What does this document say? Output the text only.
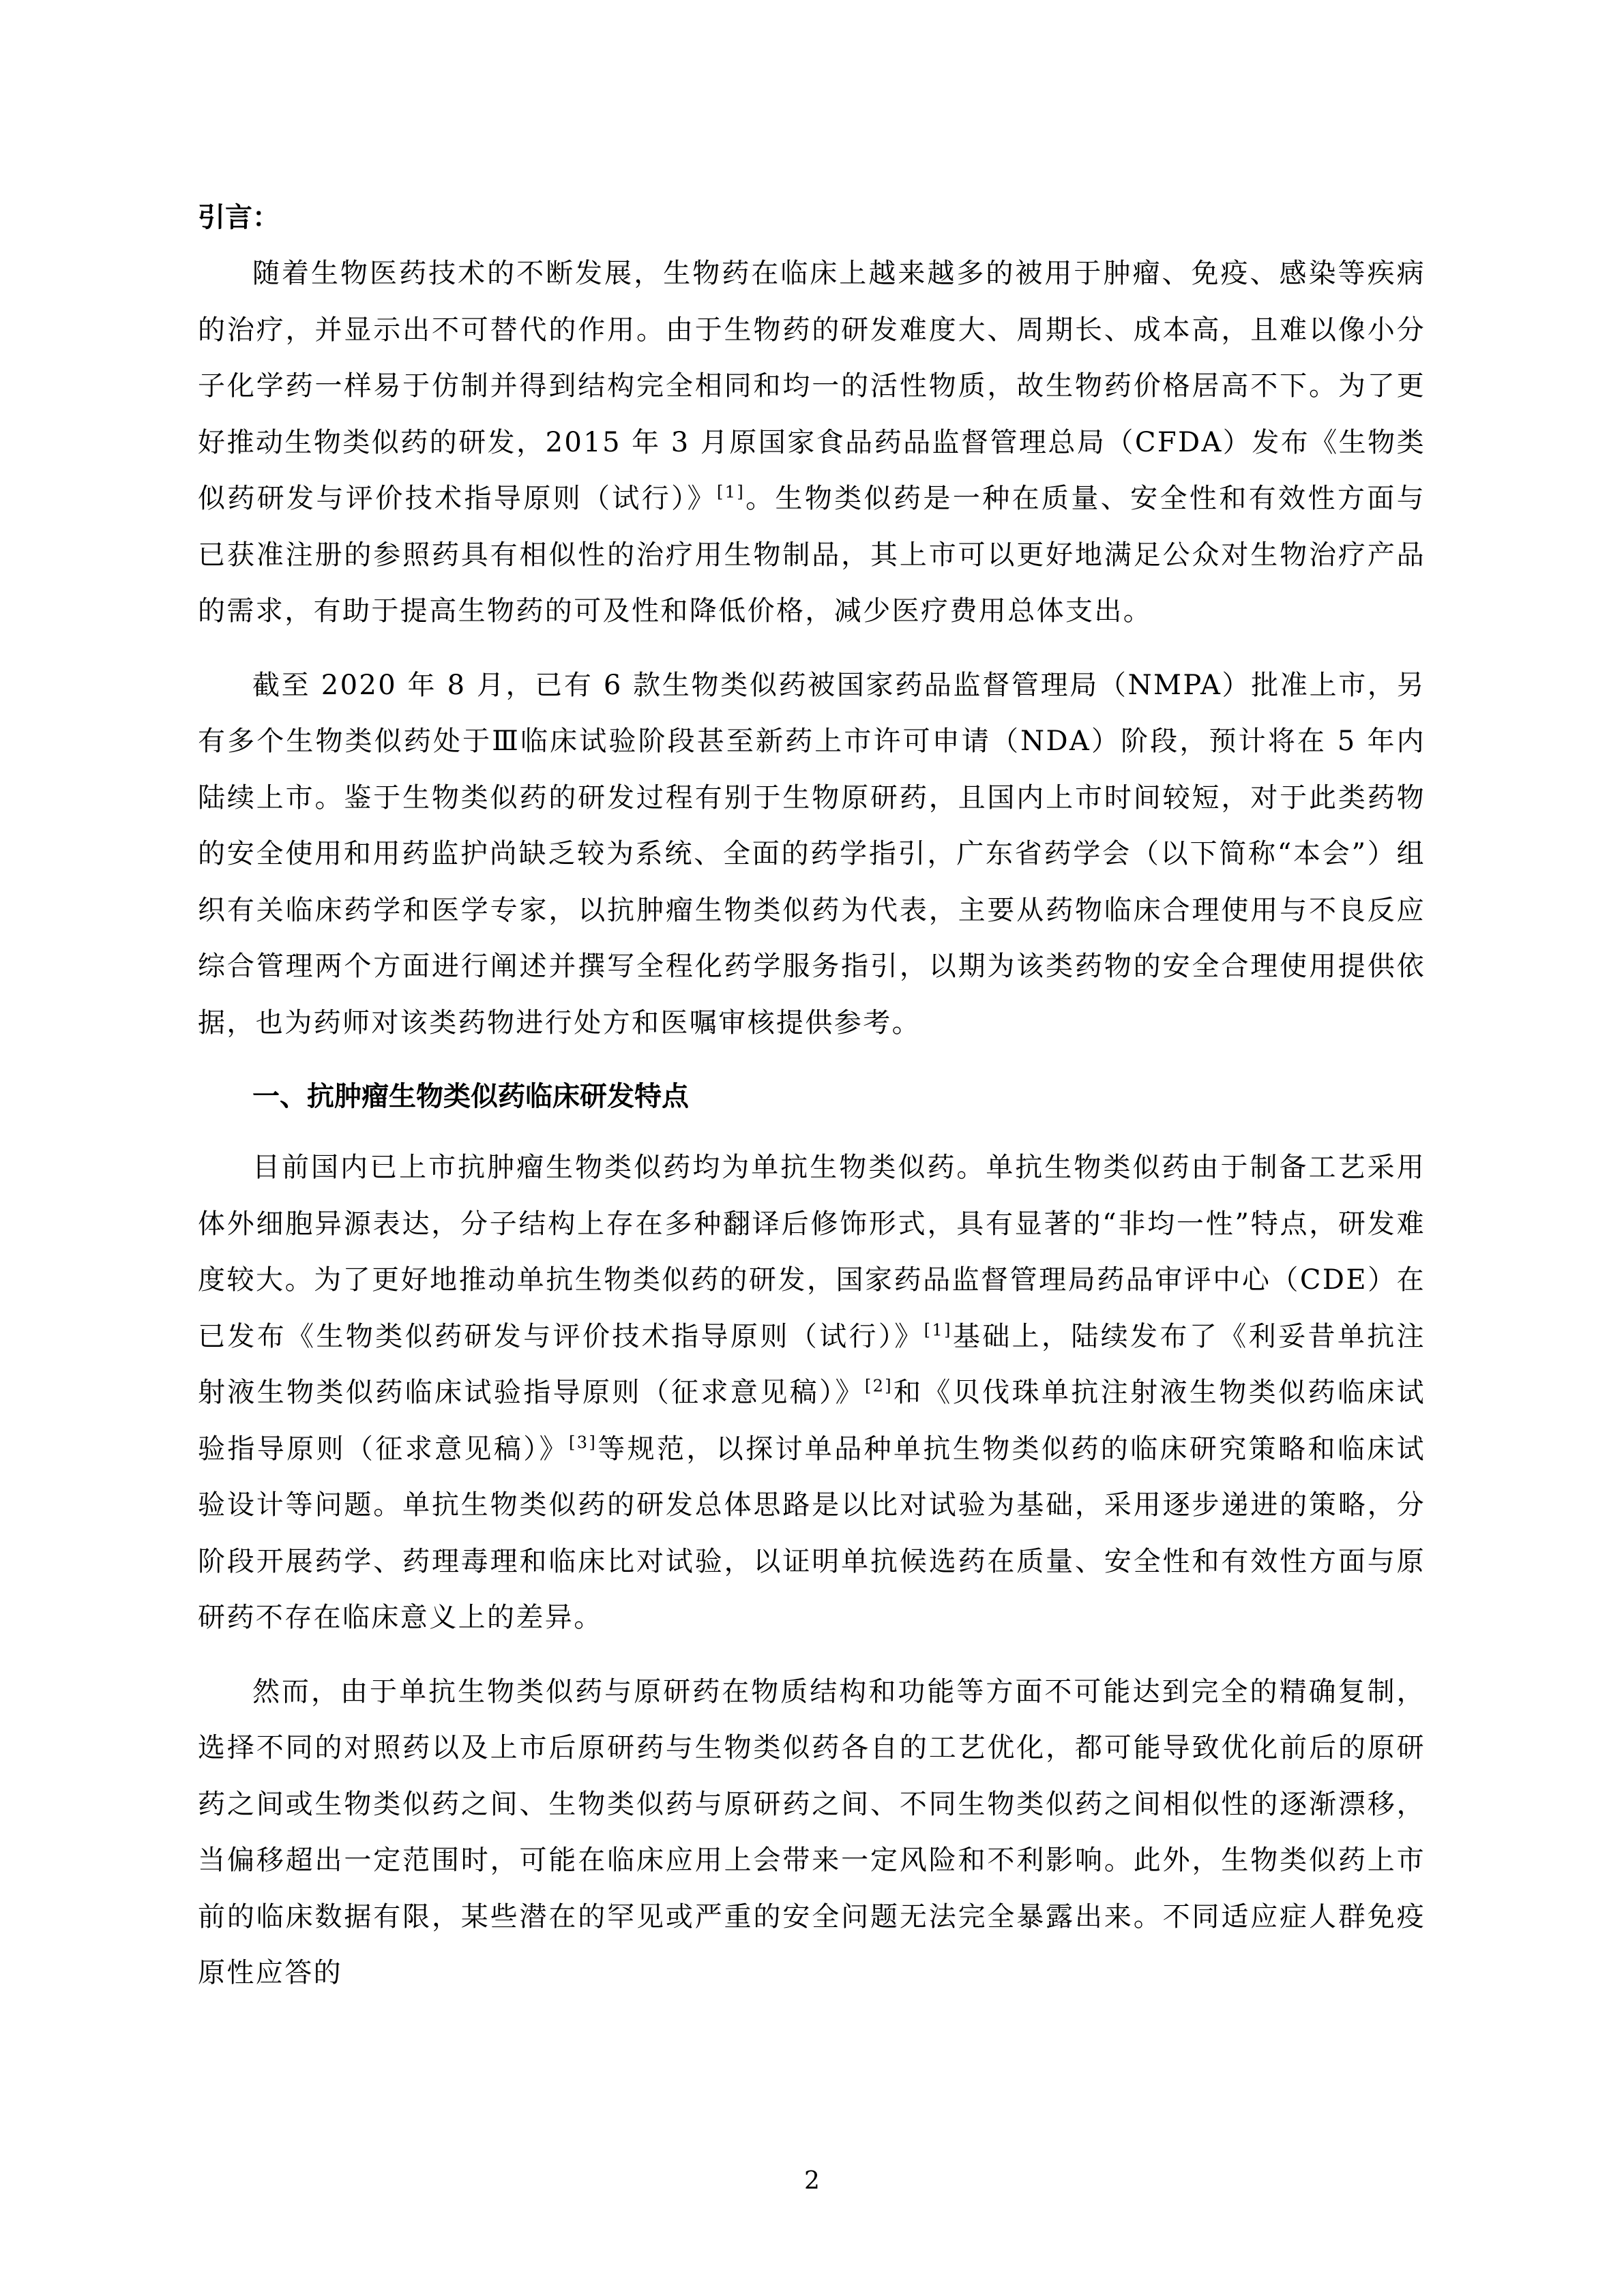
引言：

随着生物医药技术的不断发展，生物药在临床上越来越多的被用于肿瘤、免疫、感染等疾病的治疗，并显示出不可替代的作用。由于生物药的研发难度大、周期长、成本高，且难以像小分子化学药一样易于仿制并得到结构完全相同和均一的活性物质，故生物药价格居高不下。为了更好推动生物类似药的研发，2015 年 3 月原国家食品药品监督管理总局（CFDA）发布《生物类似药研发与评价技术指导原则（试行）》[1]。生物类似药是一种在质量、安全性和有效性方面与已获准注册的参照药具有相似性的治疗用生物制品，其上市可以更好地满足公众对生物治疗产品的需求，有助于提高生物药的可及性和降低价格，减少医疗费用总体支出。

截至 2020 年 8 月，已有 6 款生物类似药被国家药品监督管理局（NMPA）批准上市，另有多个生物类似药处于Ⅲ临床试验阶段甚至新药上市许可申请（NDA）阶段，预计将在 5 年内陆续上市。鉴于生物类似药的研发过程有别于生物原研药，且国内上市时间较短，对于此类药物的安全使用和用药监护尚缺乏较为系统、全面的药学指引，广东省药学会（以下简称“本会”）组织有关临床药学和医学专家，以抗肿瘤生物类似药为代表，主要从药物临床合理使用与不良反应综合管理两个方面进行阐述并撰写全程化药学服务指引，以期为该类药物的安全合理使用提供依据，也为药师对该类药物进行处方和医嘱审核提供参考。

一、抗肿瘤生物类似药临床研发特点

目前国内已上市抗肿瘤生物类似药均为单抗生物类似药。单抗生物类似药由于制备工艺采用体外细胞异源表达，分子结构上存在多种翻译后修饰形式，具有显著的“非均一性”特点，研发难度较大。为了更好地推动单抗生物类似药的研发，国家药品监督管理局药品审评中心（CDE）在已发布《生物类似药研发与评价技术指导原则（试行）》[1]基础上，陆续发布了《利妥昔单抗注射液生物类似药临床试验指导原则（征求意见稿）》[2]和《贝伐珠单抗注射液生物类似药临床试验指导原则（征求意见稿）》[3]等规范，以探讨单品种单抗生物类似药的临床研究策略和临床试验设计等问题。单抗生物类似药的研发总体思路是以比对试验为基础，采用逐步递进的策略，分阶段开展药学、药理毒理和临床比对试验，以证明单抗候选药在质量、安全性和有效性方面与原研药不存在临床意义上的差异。

然而，由于单抗生物类似药与原研药在物质结构和功能等方面不可能达到完全的精确复制，选择不同的对照药以及上市后原研药与生物类似药各自的工艺优化，都可能导致优化前后的原研药之间或生物类似药之间、生物类似药与原研药之间、不同生物类似药之间相似性的逐渐漂移，当偏移超出一定范围时，可能在临床应用上会带来一定风险和不利影响。此外，生物类似药上市前的临床数据有限，某些潜在的罕见或严重的安全问题无法完全暴露出来。不同适应症人群免疫原性应答的

2
